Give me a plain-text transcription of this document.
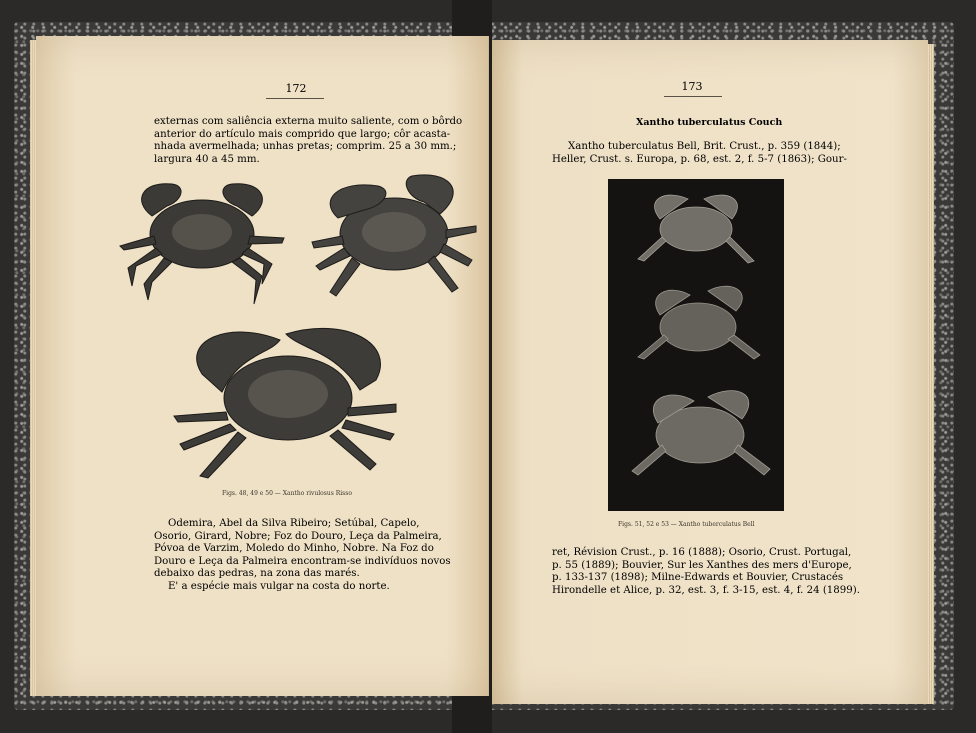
172
externas com saliência externa muito saliente, com o bôrdo
anterior do artículo mais comprido que largo; côr acasta-
nhada avermelhada; unhas pretas; comprim. 25 a 30 mm.;
largura 40 a 45 mm.
Figs. 48, 49 e 50 — Xantho rivulosus Risso
Odemira, Abel da Silva Ribeiro; Setúbal, Capelo,
Osorio, Girard, Nobre; Foz do Douro, Leça da Palmeira,
Póvoa de Varzim, Moledo do Minho, Nobre. Na Foz do
Douro e Leça da Palmeira encontram-se indivíduos novos
debaixo das pedras, na zona das marés.
E' a espécie mais vulgar na costa do norte.
173
Xantho tuberculatus Couch
Xantho tuberculatus Bell, Brit. Crust., p. 359 (1844);
Heller, Crust. s. Europa, p. 68, est. 2, f. 5-7 (1863); Gour-
Figs. 51, 52 e 53 — Xantho tuberculatus Bell
ret, Révision Crust., p. 16 (1888); Osorio, Crust. Portugal,
p. 55 (1889); Bouvier, Sur les Xanthes des mers d'Europe,
p. 133-137 (1898); Milne-Edwards et Bouvier, Crustacés
Hirondelle et Alice, p. 32, est. 3, f. 3-15, est. 4, f. 24 (1899).
